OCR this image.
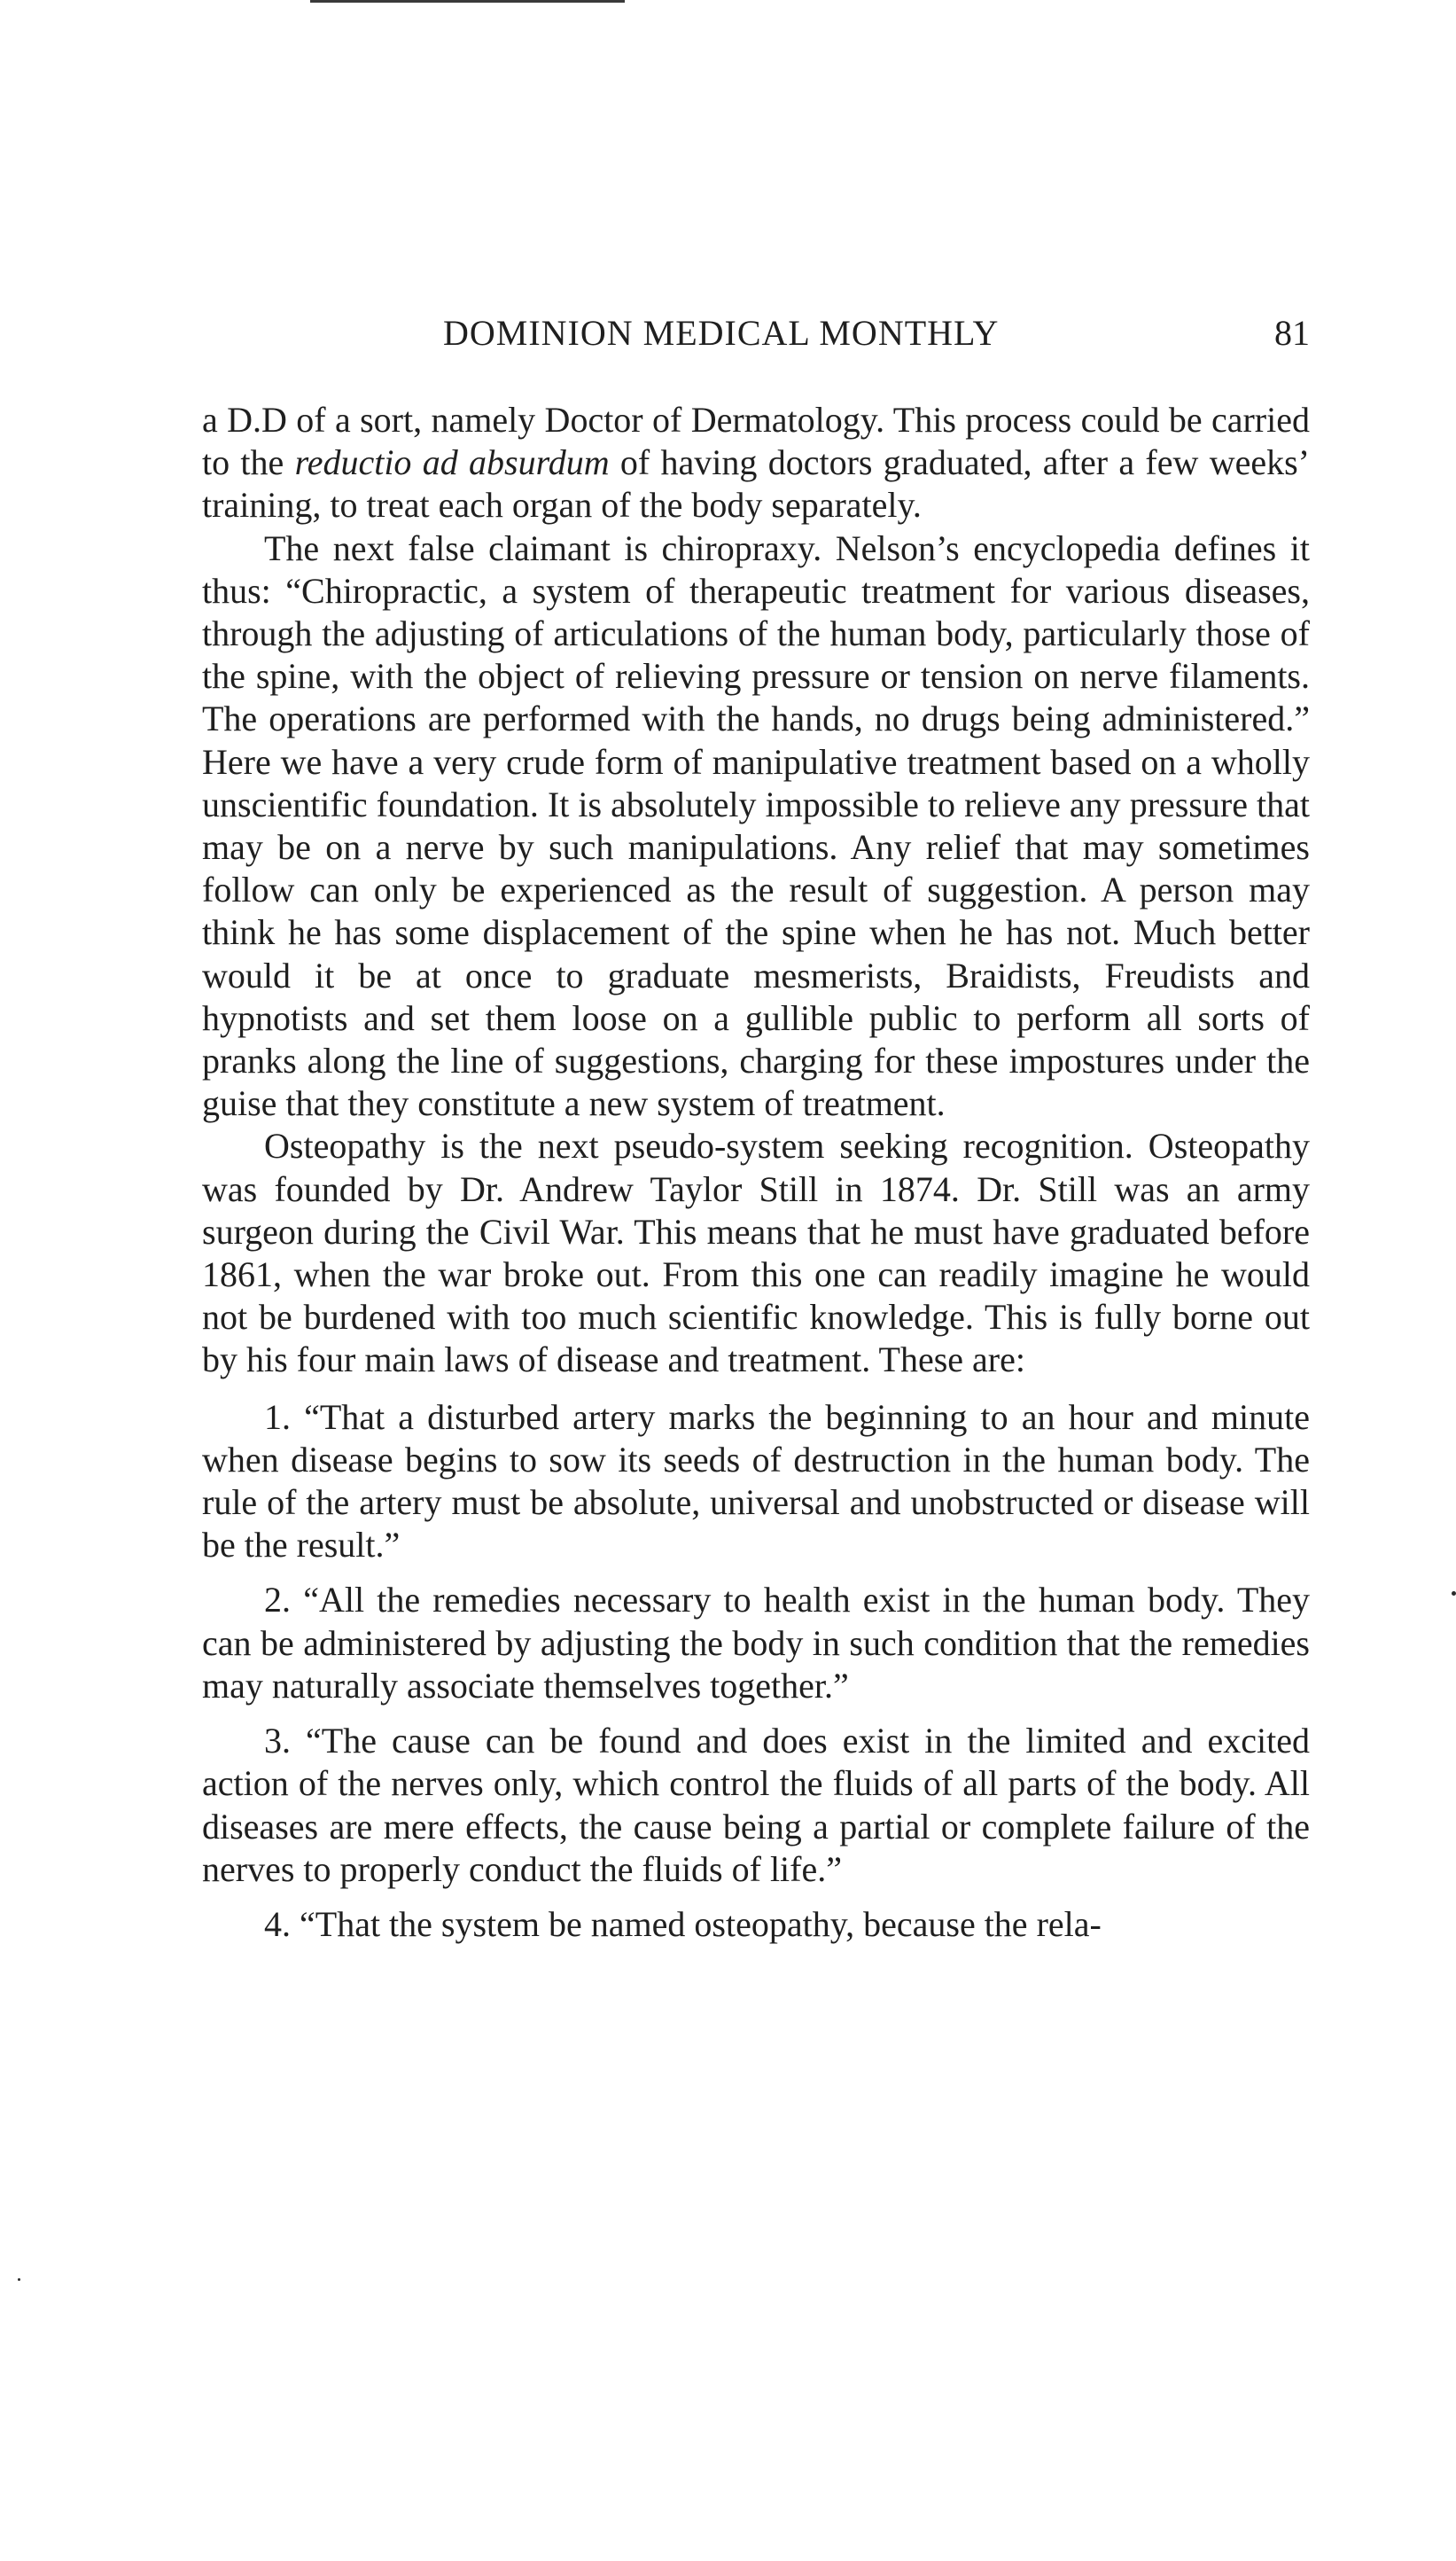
DOMINION MEDICAL MONTHLY	81

a D.D of a sort, namely Doctor of Dermatology. This process could be carried to the reductio ad absurdum of having doctors graduated, after a few weeks’ training, to treat each organ of the body separately.

The next false claimant is chiropraxy. Nelson’s encyclopedia defines it thus: “Chiropractic, a system of therapeutic treatment for various diseases, through the adjusting of articulations of the human body, particularly those of the spine, with the object of relieving pressure or tension on nerve filaments. The operations are performed with the hands, no drugs being administered.” Here we have a very crude form of manipulative treatment based on a wholly unscientific foundation. It is absolutely impossible to relieve any pressure that may be on a nerve by such manipulations. Any relief that may sometimes follow can only be experienced as the result of suggestion. A person may think he has some displacement of the spine when he has not. Much better would it be at once to graduate mesmerists, Braidists, Freudists and hypnotists and set them loose on a gullible public to perform all sorts of pranks along the line of suggestions, charging for these impostures under the guise that they constitute a new system of treatment.

Osteopathy is the next pseudo-system seeking recognition. Osteopathy was founded by Dr. Andrew Taylor Still in 1874. Dr. Still was an army surgeon during the Civil War. This means that he must have graduated before 1861, when the war broke out. From this one can readily imagine he would not be burdened with too much scientific knowledge. This is fully borne out by his four main laws of disease and treatment. These are:

1. “That a disturbed artery marks the beginning to an hour and minute when disease begins to sow its seeds of destruction in the human body. The rule of the artery must be absolute, universal and unobstructed or disease will be the result.”

2. “All the remedies necessary to health exist in the human body. They can be administered by adjusting the body in such condition that the remedies may naturally associate themselves together.”

3. “The cause can be found and does exist in the limited and excited action of the nerves only, which control the fluids of all parts of the body. All diseases are mere effects, the cause being a partial or complete failure of the nerves to properly conduct the fluids of life.”

4. “That the system be named osteopathy, because the rela-
